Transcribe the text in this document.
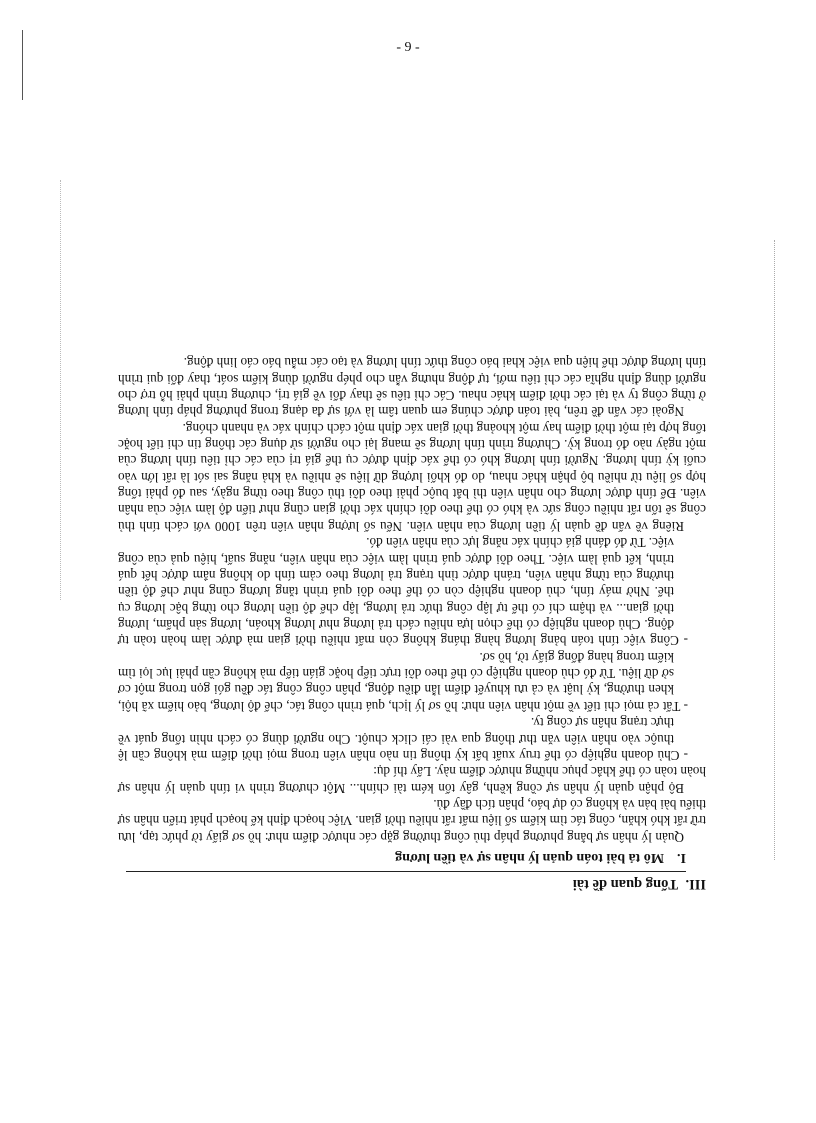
- 9 -

III.Tổng quan đề tài

I.Mô tả bài toán quản lý nhân sự và tiền lương

Quản lý nhân sự bằng phương pháp thủ công thường gặp các nhược điểm như: hồ sơ giấy tờ phức tạp, lưu trữ rất khó khăn, công tác tìm kiếm số liệu mất rất nhiều thời gian. Việc hoạch định kế hoạch phát triển nhân sự thiếu bài bản và không có dự báo, phân tích đầy đủ.

Bộ phận quản lý nhân sự cồng kềnh, gây tốn kém tài chính... Một chương trình vi tính quản lý nhân sự hoàn toàn có thể khắc phục những nhược điểm này. Lấy thí dụ:

- Chủ doanh nghiệp có thể truy xuất bất kỳ thông tin nào nhân viên trong mọi thời điểm mà không cần lệ thuộc vào nhân viên văn thư thông qua vài cái click chuột. Cho người dùng có cách nhìn tổng quát về thực trạng nhân sự công ty.

- Tất cả mọi chi tiết về một nhân viên như: hồ sơ lý lịch, quá trình công tác, chế độ lương, bảo hiểm xã hội, khen thưởng, kỷ luật và cả ưu khuyết điểm lẫn điều động, phân công công tác đều gói gọn trong một cơ sở dữ liệu. Từ đó chủ doanh nghiệp có thể theo dõi trực tiếp hoặc gián tiếp mà không cần phải lục lọi tìm kiếm trong hàng đống giấy tờ, hồ sơ.

- Công việc tính toán bảng lương hàng tháng không còn mất nhiều thời gian mà được làm hoàn toàn tự động. Chủ doanh nghiệp có thể chọn lựa nhiều cách trả lương như lương khoán, lương sản phẩm, lương thời gian... và thậm chí có thể tự lập công thức trả lương, lập chế độ tiền lương cho từng bậc lương cụ thể. Nhờ máy tính, chủ doanh nghiệp còn có thể theo dõi quá trình tăng lương cũng như chế độ tiền thưởng của từng nhân viên, tránh được tình trạng trả lương theo cảm tính do không nắm được hết quá trình, kết quả làm việc. Theo dõi được quá trình làm việc của nhân viên, năng suất, hiệu quả của công việc. Từ đó đánh giá chính xác năng lực của nhân viên đó.

Riêng về vấn đề quản lý tiền lương của nhân viên. Nếu số lượng nhân viên trên 1000 với cách tính thủ công sẽ tốn rất nhiều công sức và khó có thể theo dõi chính xác thời gian cũng như tiến độ làm việc của nhân viên. Để tính được lương cho nhân viên thì bắt buộc phải theo dõi thủ công theo từng ngày, sau đó phải tổng hợp số liệu từ nhiều bộ phận khác nhau, do đó khối lượng dữ liệu sẽ nhiều và khả năng sai sót là rất lớn vào cuối kỳ tính lương. Người tính lương khó có thể xác định được cụ thể giá trị của các chỉ tiêu tính lương của một ngày nào đó trong kỳ. Chương trình tính lương sẽ mang lại cho người sử dụng các thông tin chi tiết hoặc tổng hợp tại một thời điểm hay một khoảng thời gian xác định một cách chính xác và nhanh chóng.

Ngoài các vấn đề trên, bài toán được chúng em quan tâm là với sự đa dạng trong phương pháp tính lương ở từng công ty và tại các thời điểm khác nhau. Các chỉ tiêu sẽ thay đổi về giá trị, chương trình phải hỗ trợ cho người dùng định nghĩa các chỉ tiêu mới, tự động nhưng vẫn cho phép người dùng kiểm soát, thay đổi qui trình tính lương được thể hiện qua việc khai báo công thức tính lương và tạo các mẫu báo cáo linh động.
